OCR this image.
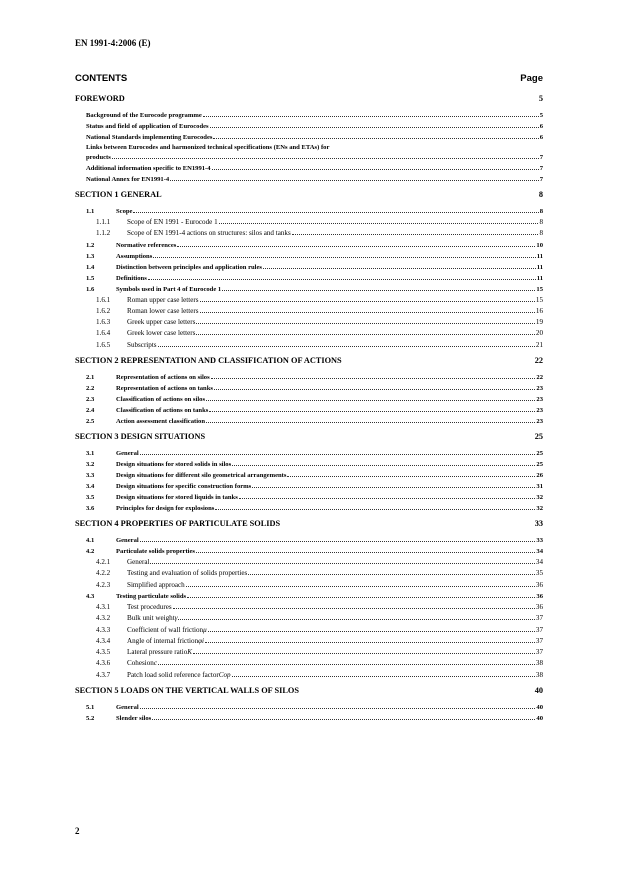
EN 1991-4:2006 (E)
CONTENTS	Page
FOREWORD	5
Background of the Eurocode programme	5
Status and field of application of Eurocodes	6
National Standards implementing Eurocodes	6
Links between Eurocodes and harmonized technical specifications (ENs and ETAs) for
products	7
Additional information specific to EN1991-4	7
National Annex for EN1991-4	7
SECTION 1 GENERAL	8
1.1	Scope	8
1.1.1	Scope of EN 1991 - Eurocode 1	8
1.1.2	Scope of EN 1991-4 actions on structures: silos and tanks	8
1.2	Normative references	10
1.3	Assumptions	11
1.4	Distinction between principles and application rules	11
1.5	Definitions	11
1.6	Symbols used in Part 4 of Eurocode 1	15
1.6.1	Roman upper case letters	15
1.6.2	Roman lower case letters	16
1.6.3	Greek upper case letters	19
1.6.4	Greek lower case letters	20
1.6.5	Subscripts	21
SECTION 2 REPRESENTATION AND CLASSIFICATION OF ACTIONS	22
2.1	Representation of actions on silos	22
2.2	Representation of actions on tanks	23
2.3	Classification of actions on silos	23
2.4	Classification of actions on tanks	23
2.5	Action assessment classification	23
SECTION 3 DESIGN SITUATIONS	25
3.1	General	25
3.2	Design situations for stored solids in silos	25
3.3	Design situations for different silo geometrical arrangements	26
3.4	Design situations for specific construction forms	31
3.5	Design situations for stored liquids in tanks	32
3.6	Principles for design for explosions	32
SECTION 4 PROPERTIES OF PARTICULATE SOLIDS	33
4.1	General	33
4.2	Particulate solids properties	34
4.2.1	General	34
4.2.2	Testing and evaluation of solids properties	35
4.2.3	Simplified approach	36
4.3	Testing particulate solids	36
4.3.1	Test procedures	36
4.3.2	Bulk unit weight γ	37
4.3.3	Coefficient of wall friction μ	37
4.3.4	Angle of internal friction φi	37
4.3.5	Lateral pressure ratio K	37
4.3.6	Cohesion c	38
4.3.7	Patch load solid reference factor Cop	38
SECTION 5 LOADS ON THE VERTICAL WALLS OF SILOS	40
5.1	General	40
5.2	Slender silos	40
2
